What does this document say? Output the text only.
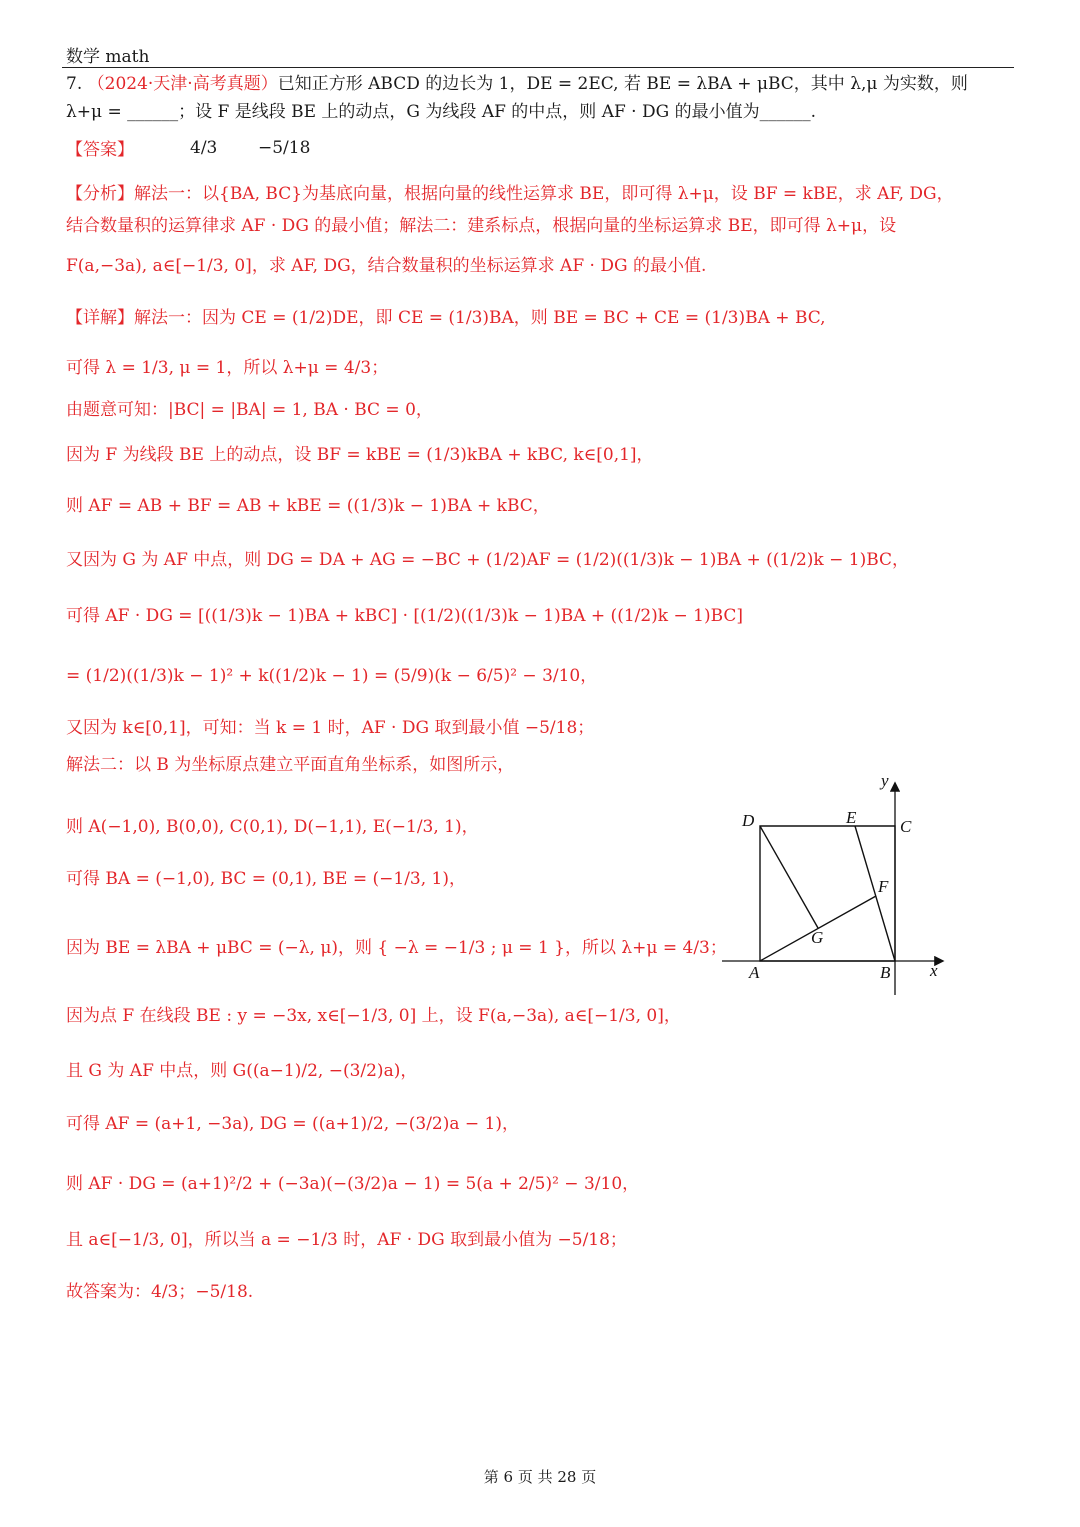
数学 math
7. （2024·天津·高考真题）已知正方形 ABCD 的边长为 1，DE = 2EC, 若 BE = λBA + μBC，其中 λ,μ 为实数，则
λ+μ = ______；设 F 是线段 BE 上的动点，G 为线段 AF 的中点，则 AF · DG 的最小值为______.
【答案】	4/3 −5/18
【分析】解法一：以{BA, BC}为基底向量，根据向量的线性运算求 BE，即可得 λ+μ，设 BF = kBE，求 AF, DG，
结合数量积的运算律求 AF · DG 的最小值；解法二：建系标点，根据向量的坐标运算求 BE，即可得 λ+μ，设
F(a,−3a), a∈[−1/3, 0]，求 AF, DG，结合数量积的坐标运算求 AF · DG 的最小值.
【详解】解法一：因为 CE = (1/2)DE，即 CE = (1/3)BA，则 BE = BC + CE = (1/3)BA + BC,
可得 λ = 1/3, μ = 1，所以 λ+μ = 4/3；
由题意可知：|BC| = |BA| = 1, BA · BC = 0，
因为 F 为线段 BE 上的动点，设 BF = kBE = (1/3)kBA + kBC, k∈[0,1]，
则 AF = AB + BF = AB + kBE = ((1/3)k − 1)BA + kBC，
又因为 G 为 AF 中点，则 DG = DA + AG = −BC + (1/2)AF = (1/2)((1/3)k − 1)BA + ((1/2)k − 1)BC，
可得 AF · DG = [((1/3)k − 1)BA + kBC] · [(1/2)((1/3)k − 1)BA + ((1/2)k − 1)BC]
= (1/2)((1/3)k − 1)² + k((1/2)k − 1) = (5/9)(k − 6/5)² − 3/10，
又因为 k∈[0,1]，可知：当 k = 1 时，AF · DG 取到最小值 −5/18；
解法二：以 B 为坐标原点建立平面直角坐标系，如图所示，
则 A(−1,0), B(0,0), C(0,1), D(−1,1), E(−1/3, 1)，
可得 BA = (−1,0), BC = (0,1), BE = (−1/3, 1)，
因为 BE = λBA + μBC = (−λ, μ)，则 { −λ = −1/3 ; μ = 1 }，所以 λ+μ = 4/3；
因为点 F 在线段 BE : y = −3x, x∈[−1/3, 0] 上，设 F(a,−3a), a∈[−1/3, 0]，
且 G 为 AF 中点，则 G((a−1)/2, −(3/2)a)，
可得 AF = (a+1, −3a), DG = ((a+1)/2, −(3/2)a − 1)，
则 AF · DG = (a+1)²/2 + (−3a)(−(3/2)a − 1) = 5(a + 2/5)² − 3/10，
且 a∈[−1/3, 0]，所以当 a = −1/3 时，AF · DG 取到最小值为 −5/18；
故答案为：4/3；−5/18.
D	E	C
F
G
A	B x
y
第 6 页 共 28 页
